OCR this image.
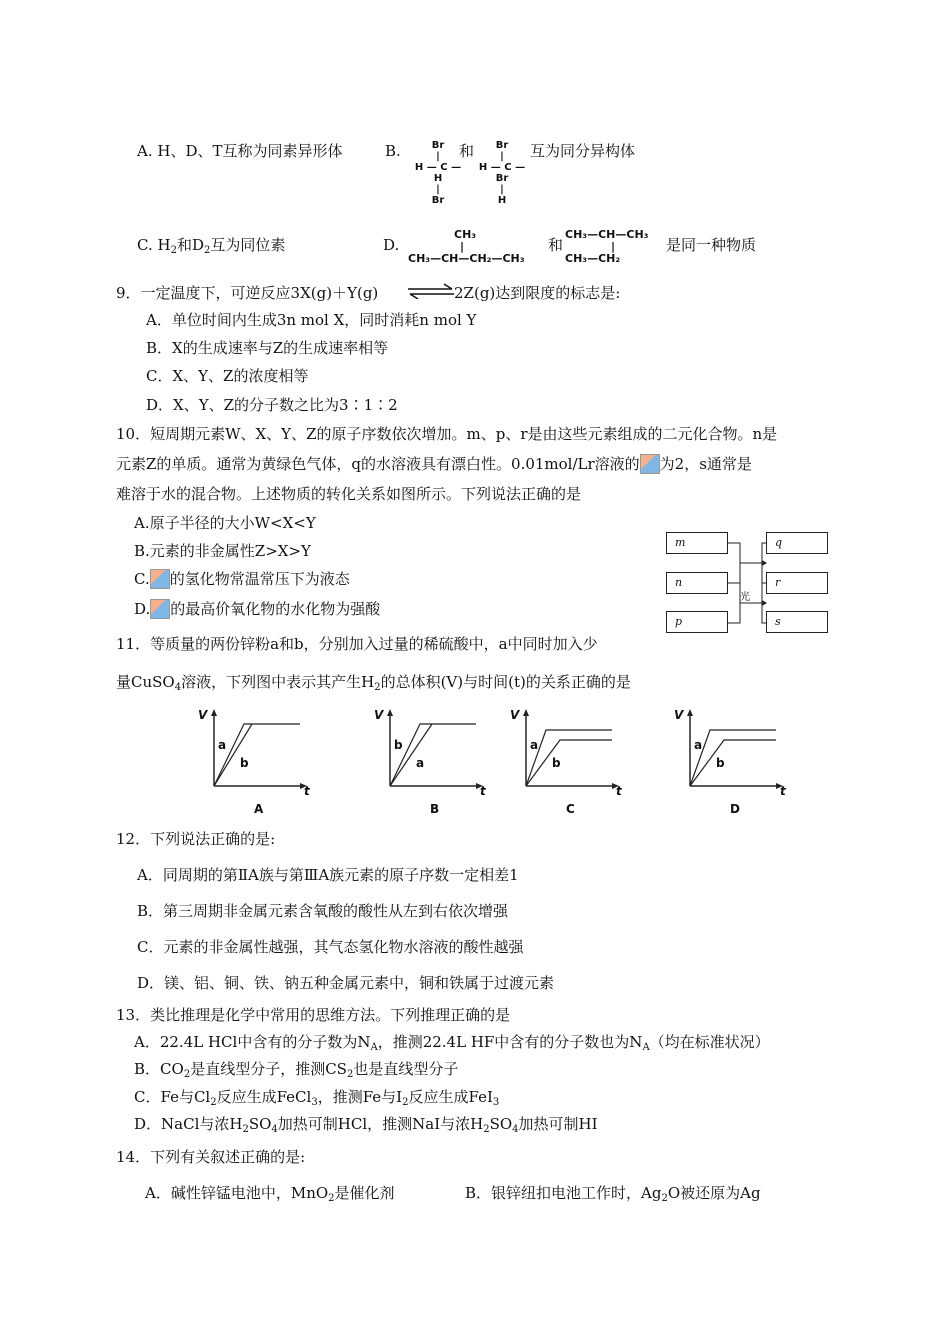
A. H、D、T互称为同素异形体	B.	Br
|
H — C — H
|
Br
和	Br
|
H — C — Br
|
H
互为同分异构体
C. $H_2$和$D_2$互为同位素	D.
CH₃
|
CH₃—CH—CH₂—CH₃
和
CH₃—CH—CH₃
|
CH₃—CH₂
是同一种物质
9．一定温度下，可逆反应3X(g)＋Y(g)	2Z(g)达到限度的标志是:
A．单位时间内生成3n mol X，同时消耗n mol Y
B．X的生成速率与Z的生成速率相等
C．X、Y、Z的浓度相等
D．X、Y、Z的分子数之比为3∶1∶2
10．短周期元素W、X、Y、Z的原子序数依次增加。m、p、r是由这些元素组成的二元化合物。n是
元素Z的单质。通常为黄绿色气体，q的水溶液具有漂白性。0.01mol/Lr溶液的 为2，s通常是
难溶于水的混合物。上述物质的转化关系如图所示。下列说法正确的是
A.原子半径的大小W<X<Y
B.元素的非金属性Z>X>Y
C. 的氢化物常温常压下为液态
D. 的最高价氧化物的水化物为强酸
m
n
p
q
r
s
光
11．等质量的两份锌粉a和b，分别加入过量的稀硫酸中，a中同时加入少
量CuSO$_4$溶液，下列图中表示其产生$H_2$的总体积(V)与时间(t)的关系正确的是
V
t
a
b
A
V
t
b
a
B
V
t
a
b
C
V
t
a
b
D
12．下列说法正确的是:
A．同周期的第ⅡA族与第ⅢA族元素的原子序数一定相差1
B．第三周期非金属元素含氧酸的酸性从左到右依次增强
C．元素的非金属性越强，其气态氢化物水溶液的酸性越强
D．镁、铝、铜、铁、钠五种金属元素中，铜和铁属于过渡元素
13．类比推理是化学中常用的思维方法。下列推理正确的是
A．22.4L HCl中含有的分子数为$N_A$，推测22.4L HF中含有的分子数也为$N_A$（均在标准状况）
B．$CO_2$是直线型分子，推测$CS_2$也是直线型分子
C．Fe与$Cl_2$反应生成FeCl$_3$，推测Fe与$I_2$反应生成FeI$_3$
D．NaCl与浓$H_2SO_4$加热可制HCl，推测NaI与浓$H_2SO_4$加热可制HI
14．下列有关叙述正确的是:
A．碱性锌锰电池中，MnO$_2$是催化剂	B．银锌纽扣电池工作时，$Ag_2O$被还原为Ag
